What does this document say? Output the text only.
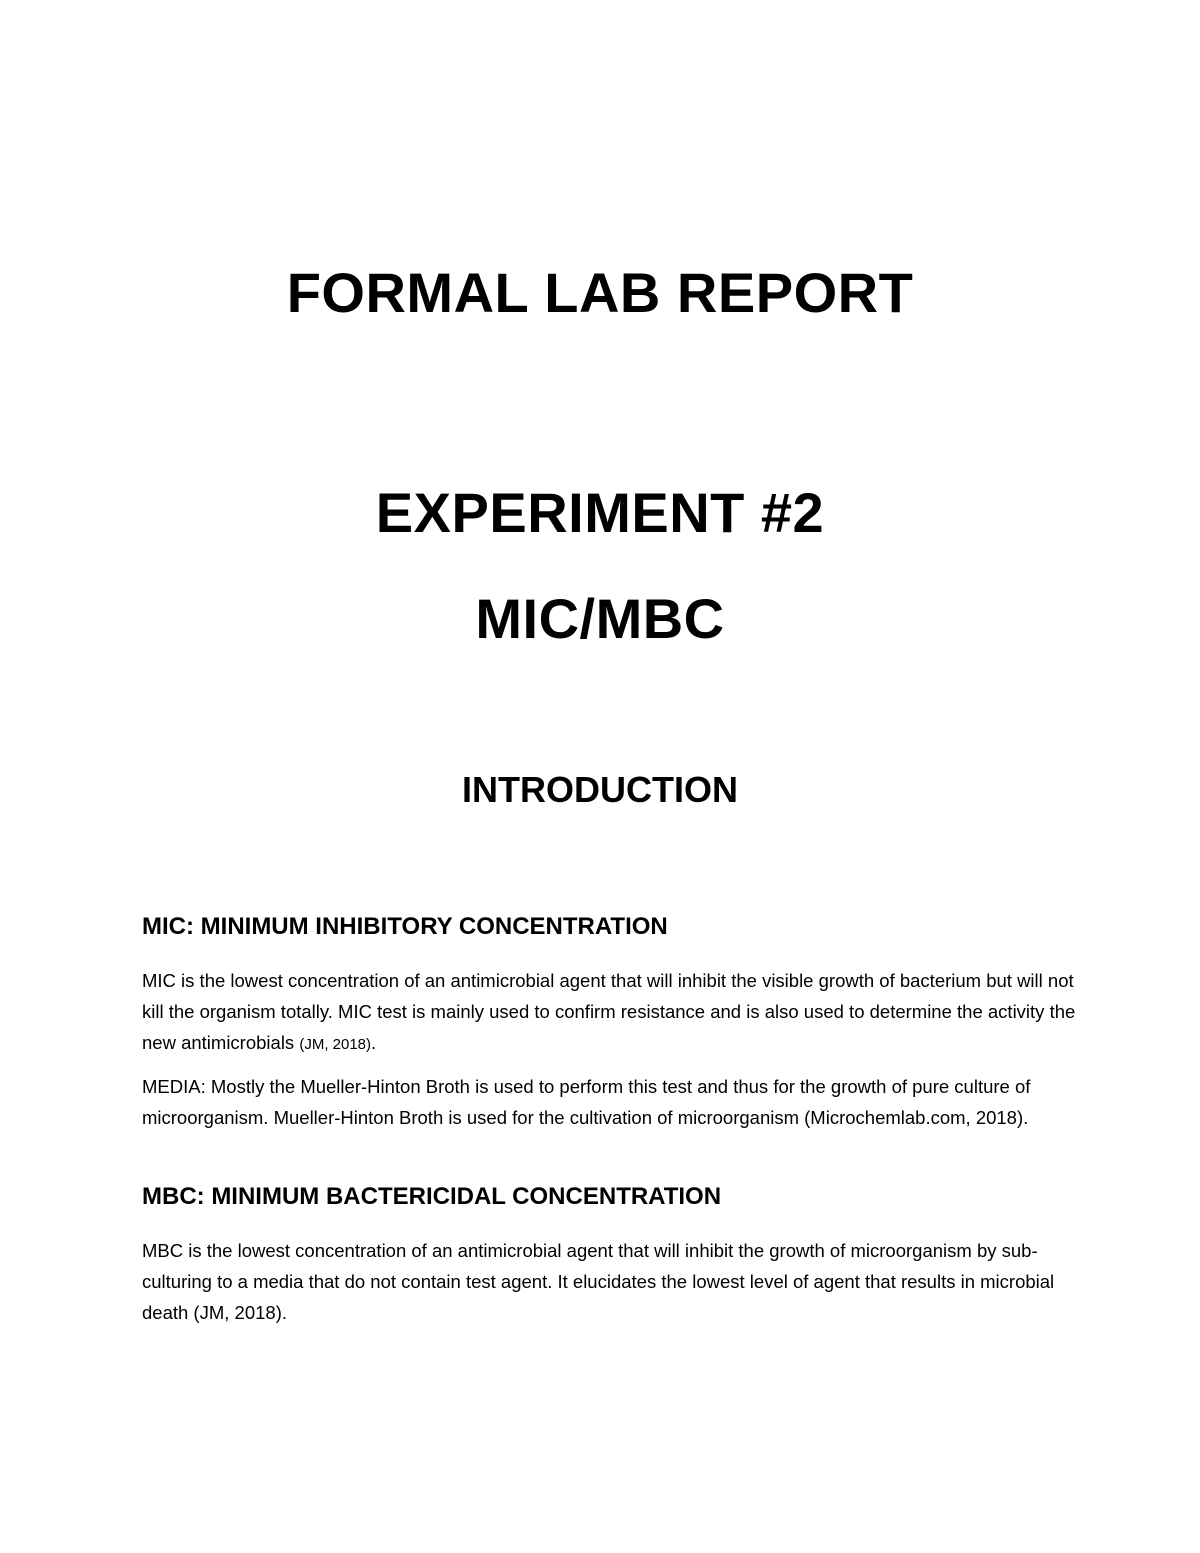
FORMAL LAB REPORT
EXPERIMENT #2
MIC/MBC
INTRODUCTION
MIC: MINIMUM INHIBITORY CONCENTRATION

MIC is the lowest concentration of an antimicrobial agent that will inhibit the visible growth of bacterium but will not kill the organism totally. MIC test is mainly used to confirm resistance and is also used to determine the activity the new antimicrobials (JM, 2018).

MEDIA: Mostly the Mueller-Hinton Broth is used to perform this test and thus for the growth of pure culture of microorganism. Mueller-Hinton Broth is used for the cultivation of microorganism (Microchemlab.com, 2018).

MBC: MINIMUM BACTERICIDAL CONCENTRATION

MBC is the lowest concentration of an antimicrobial agent that will inhibit the growth of microorganism by sub-culturing to a media that do not contain test agent. It elucidates the lowest level of agent that results in microbial death (JM, 2018).
